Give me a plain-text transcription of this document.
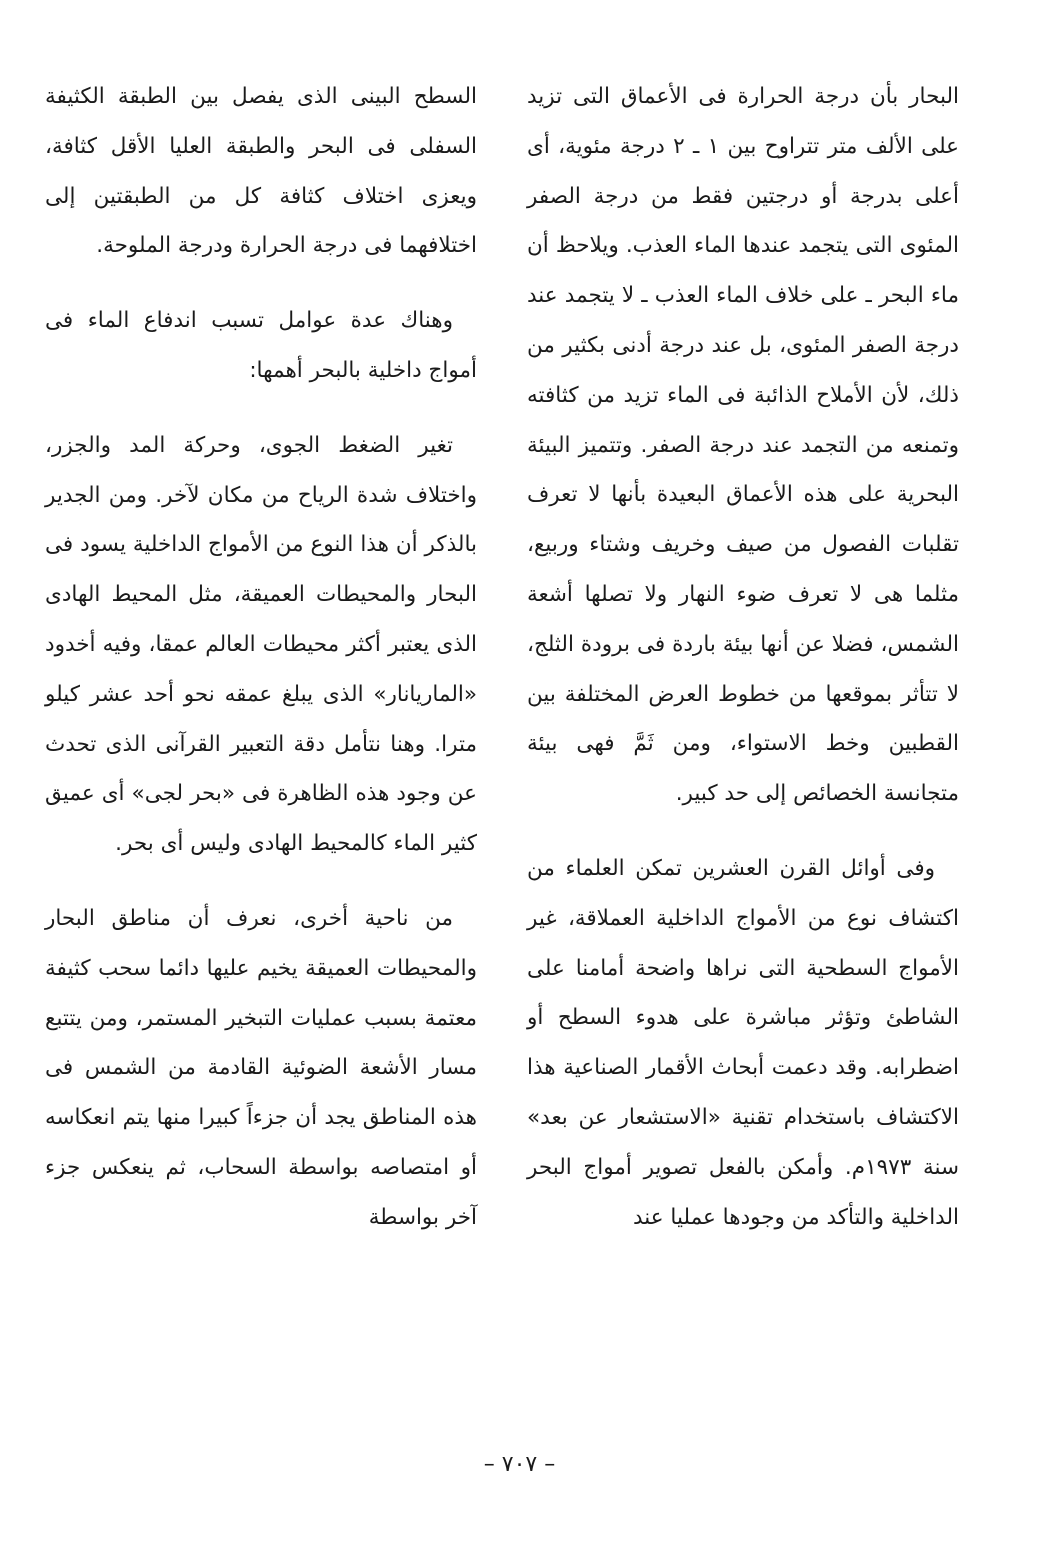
البحار بأن درجة الحرارة فى الأعماق التى تزيد على الألف متر تتراوح بين ١ ـ ٢ درجة مئوية، أى أعلى بدرجة أو درجتين فقط من درجة الصفر المئوى التى يتجمد عندها الماء العذب. ويلاحظ أن ماء البحر ـ على خلاف الماء العذب ـ لا يتجمد عند درجة الصفر المئوى، بل عند درجة أدنى بكثير من ذلك، لأن الأملاح الذائبة فى الماء تزيد من كثافته وتمنعه من التجمد عند درجة الصفر. وتتميز البيئة البحرية على هذه الأعماق البعيدة بأنها لا تعرف تقلبات الفصول من صيف وخريف وشتاء وربيع، مثلما هى لا تعرف ضوء النهار ولا تصلها أشعة الشمس، فضلا عن أنها بيئة باردة فى برودة الثلج، لا تتأثر بموقعها من خطوط العرض المختلفة بين القطبين وخط الاستواء، ومن ثَمَّ فهى بيئة متجانسة الخصائص إلى حد كبير.

وفى أوائل القرن العشرين تمكن العلماء من اكتشاف نوع من الأمواج الداخلية العملاقة، غير الأمواج السطحية التى نراها واضحة أمامنا على الشاطئ وتؤثر مباشرة على هدوء السطح أو اضطرابه. وقد دعمت أبحاث الأقمار الصناعية هذا الاكتشاف باستخدام تقنية «الاستشعار عن بعد» سنة ١٩٧٣م. وأمكن بالفعل تصوير أمواج البحر الداخلية والتأكد من وجودها عمليا عند

السطح البينى الذى يفصل بين الطبقة الكثيفة السفلى فى البحر والطبقة العليا الأقل كثافة، ويعزى اختلاف كثافة كل من الطبقتين إلى اختلافهما فى درجة الحرارة ودرجة الملوحة.

وهناك عدة عوامل تسبب اندفاع الماء فى أمواج داخلية بالبحر أهمها:

تغير الضغط الجوى، وحركة المد والجزر، واختلاف شدة الرياح من مكان لآخر. ومن الجدير بالذكر أن هذا النوع من الأمواج الداخلية يسود فى البحار والمحيطات العميقة، مثل المحيط الهادى الذى يعتبر أكثر محيطات العالم عمقا، وفيه أخدود «الماريانار» الذى يبلغ عمقه نحو أحد عشر كيلو مترا. وهنا نتأمل دقة التعبير القرآنى الذى تحدث عن وجود هذه الظاهرة فى «بحر لجى» أى عميق كثير الماء كالمحيط الهادى وليس أى بحر.

من ناحية أخرى، نعرف أن مناطق البحار والمحيطات العميقة يخيم عليها دائما سحب كثيفة معتمة بسبب عمليات التبخير المستمر، ومن يتتبع مسار الأشعة الضوئية القادمة من الشمس فى هذه المناطق يجد أن جزءاً كبيرا منها يتم انعكاسه أو امتصاصه بواسطة السحاب، ثم ينعكس جزء آخر بواسطة

– ٧٠٧ –
